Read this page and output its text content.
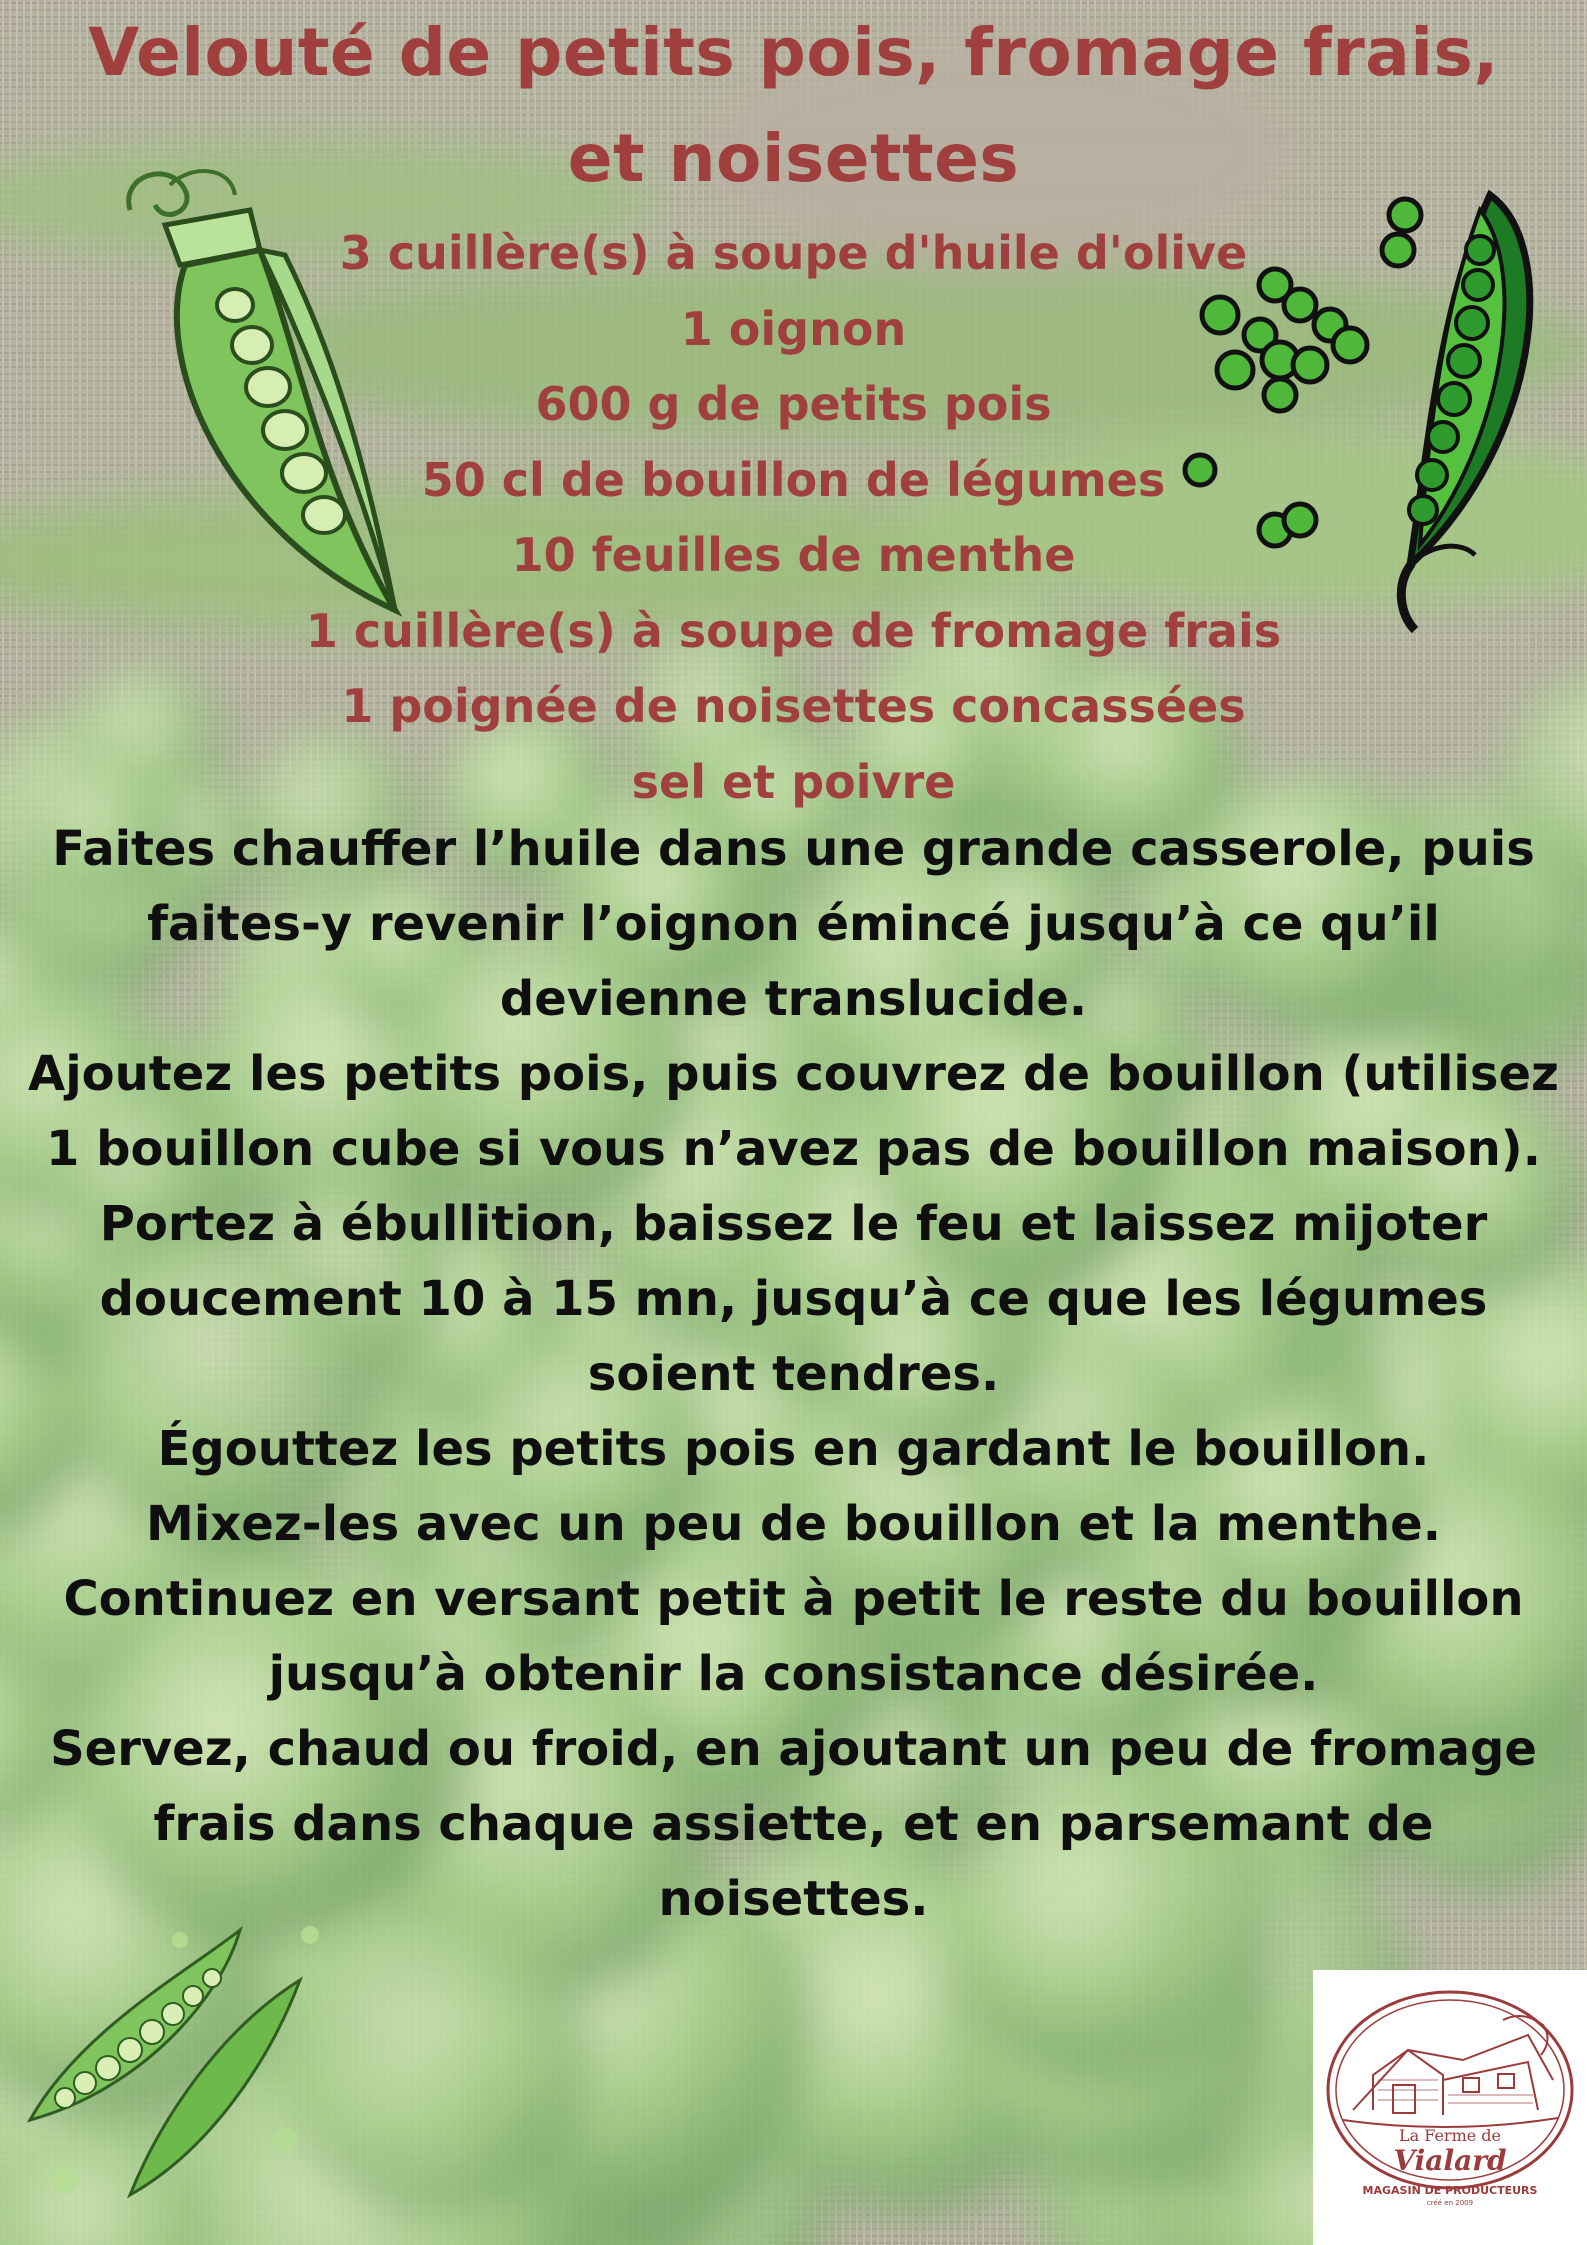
Velouté de petits pois, fromage frais,
et noisettes
3 cuillère(s) à soupe d'huile d'olive
1 oignon
600 g de petits pois
50 cl de bouillon de légumes
10 feuilles de menthe
1 cuillère(s) à soupe de fromage frais
1 poignée de noisettes concassées
sel et poivre

Faites chauffer l’huile dans une grande casserole, puis

faites-y revenir l’oignon émincé jusqu’à ce qu’il

devienne translucide.

Ajoutez les petits pois, puis couvrez de bouillon (utilisez

1 bouillon cube si vous n’avez pas de bouillon maison).

Portez à ébullition, baissez le feu et laissez mijoter

doucement 10 à 15 mn, jusqu’à ce que les légumes

soient tendres.

Égouttez les petits pois en gardant le bouillon.

Mixez-les avec un peu de bouillon et la menthe.

Continuez en versant petit à petit le reste du bouillon

jusqu’à obtenir la consistance désirée.

Servez, chaud ou froid, en ajoutant un peu de fromage

frais dans chaque assiette, et en parsemant de

noisettes.

La Ferme de
Vialard
MAGASIN DE PRODUCTEURS
créé en 2009
